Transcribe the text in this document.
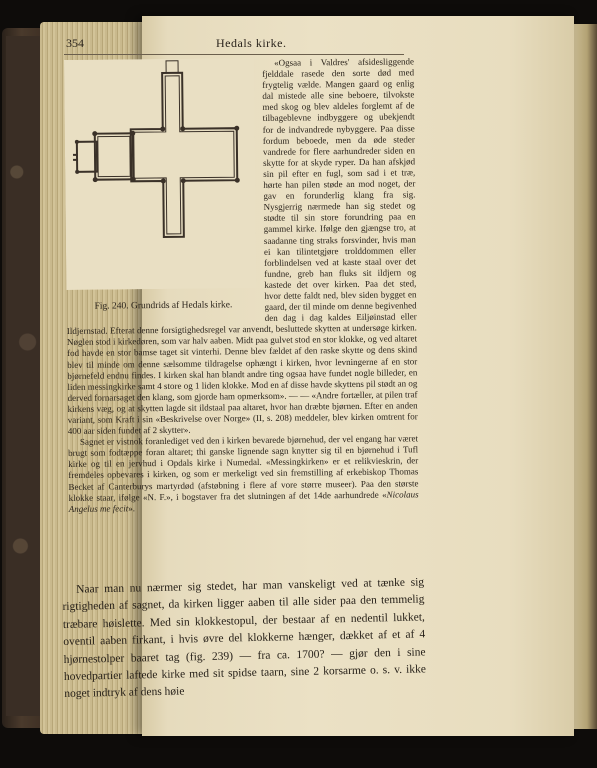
354	Hedals kirke.
Fig. 240. Grundrids af Hedals kirke.

«Ogsaa i Valdres' afsidesliggende fjelddale rasede den sorte død med frygtelig vælde. Mangen gaard og enlig dal mistede alle sine beboere, tilvokste med skog og blev aldeles forglemt af de tilbageblevne indbyggere og ubekjendt for de indvandrede nybyggere. Paa disse fordum beboede, men da øde steder vandrede for flere aarhundreder siden en skytte for at skyde ryper. Da han afskjød sin pil efter en fugl, som sad i et træ, hørte han pilen støde an mod noget, der gav en forunderlig klang fra sig. Nysgjerrig nærmede han sig stedet og stødte til sin store forundring paa en gammel kirke. Ifølge den gjængse tro, at saadanne ting straks forsvinder, hvis man ei kan tilintetgjøre trolddommen eller forblindelsen ved at kaste staal over det fundne, greb han fluks sit ildjern og kastede det over kirken. Paa det sted, hvor dette faldt ned, blev siden bygget en gaard, der til minde om denne begivenhed den dag i dag kaldes Eiljøinstad eller Ildjernstad. Efterat denne forsigtighedsregel var anvendt, besluttede skytten at undersøge kirken. Nøglen stod i kirkedøren, som var halv aaben. Midt paa gulvet stod en stor klokke, og ved altaret fod havde en stor bamse taget sit vinterhi. Denne blev fældet af den raske skytte og dens skind blev til minde om denne sælsomme tildragelse ophængt i kirken, hvor levningerne af en stor bjørnefeld endnu findes. I kirken skal han blandt andre ting ogsaa have fundet nogle billeder, en liden messingkirke samt 4 store og 1 liden klokke. Mod en af disse havde skyttens pil stødt an og derved fornarsaget den klang, som gjorde ham opmerksom». — — «Andre fortæller, at pilen traf kirkens væg, og at skytten lagde sit ildstaal paa altaret, hvor han dræbte bjørnen. Efter en anden variant, som Kraft i sin «Beskrivelse over Norge» (II, s. 208) meddeler, blev kirken omtrent for 400 aar siden fundet af 2 skytter».

Sagnet er vistnok foranlediget ved den i kirken bevarede bjørnehud, der vel engang har været brugt som fodtæppe foran altaret; thi ganske lignende sagn knytter sig til en bjørnehud i Tufl kirke og til en jervhud i Opdals kirke i Numedal. «Messingkirken» er et relikvieskrin, der fremdeles opbevares i kirken, og som er merkeligt ved sin fremstilling af erkebiskop Thomas Becket af Canterburys martyrdød (afstøbning i flere af vore større museer). Paa den største klokke staar, ifølge «N. F.», i bogstaver fra det slutningen af det 14de aarhundrede «Nicolaus Angelus me fecit».

Naar man nu nærmer sig stedet, har man vanskeligt ved at tænke sig rigtigheden af sagnet, da kirken ligger aaben til alle sider paa den temmelig træbare høislette. Med sin klokkestopul, der bestaar af en nedentil lukket, oventil aaben firkant, i hvis øvre del klokkerne hænger, dækket af et af 4 hjørnestolper baaret tag (fig. 239) — fra ca. 1700? — gjør den i sine hovedpartier laftede kirke med sit spidse taarn, sine 2 korsarme o. s. v. ikke noget indtryk af dens høie
